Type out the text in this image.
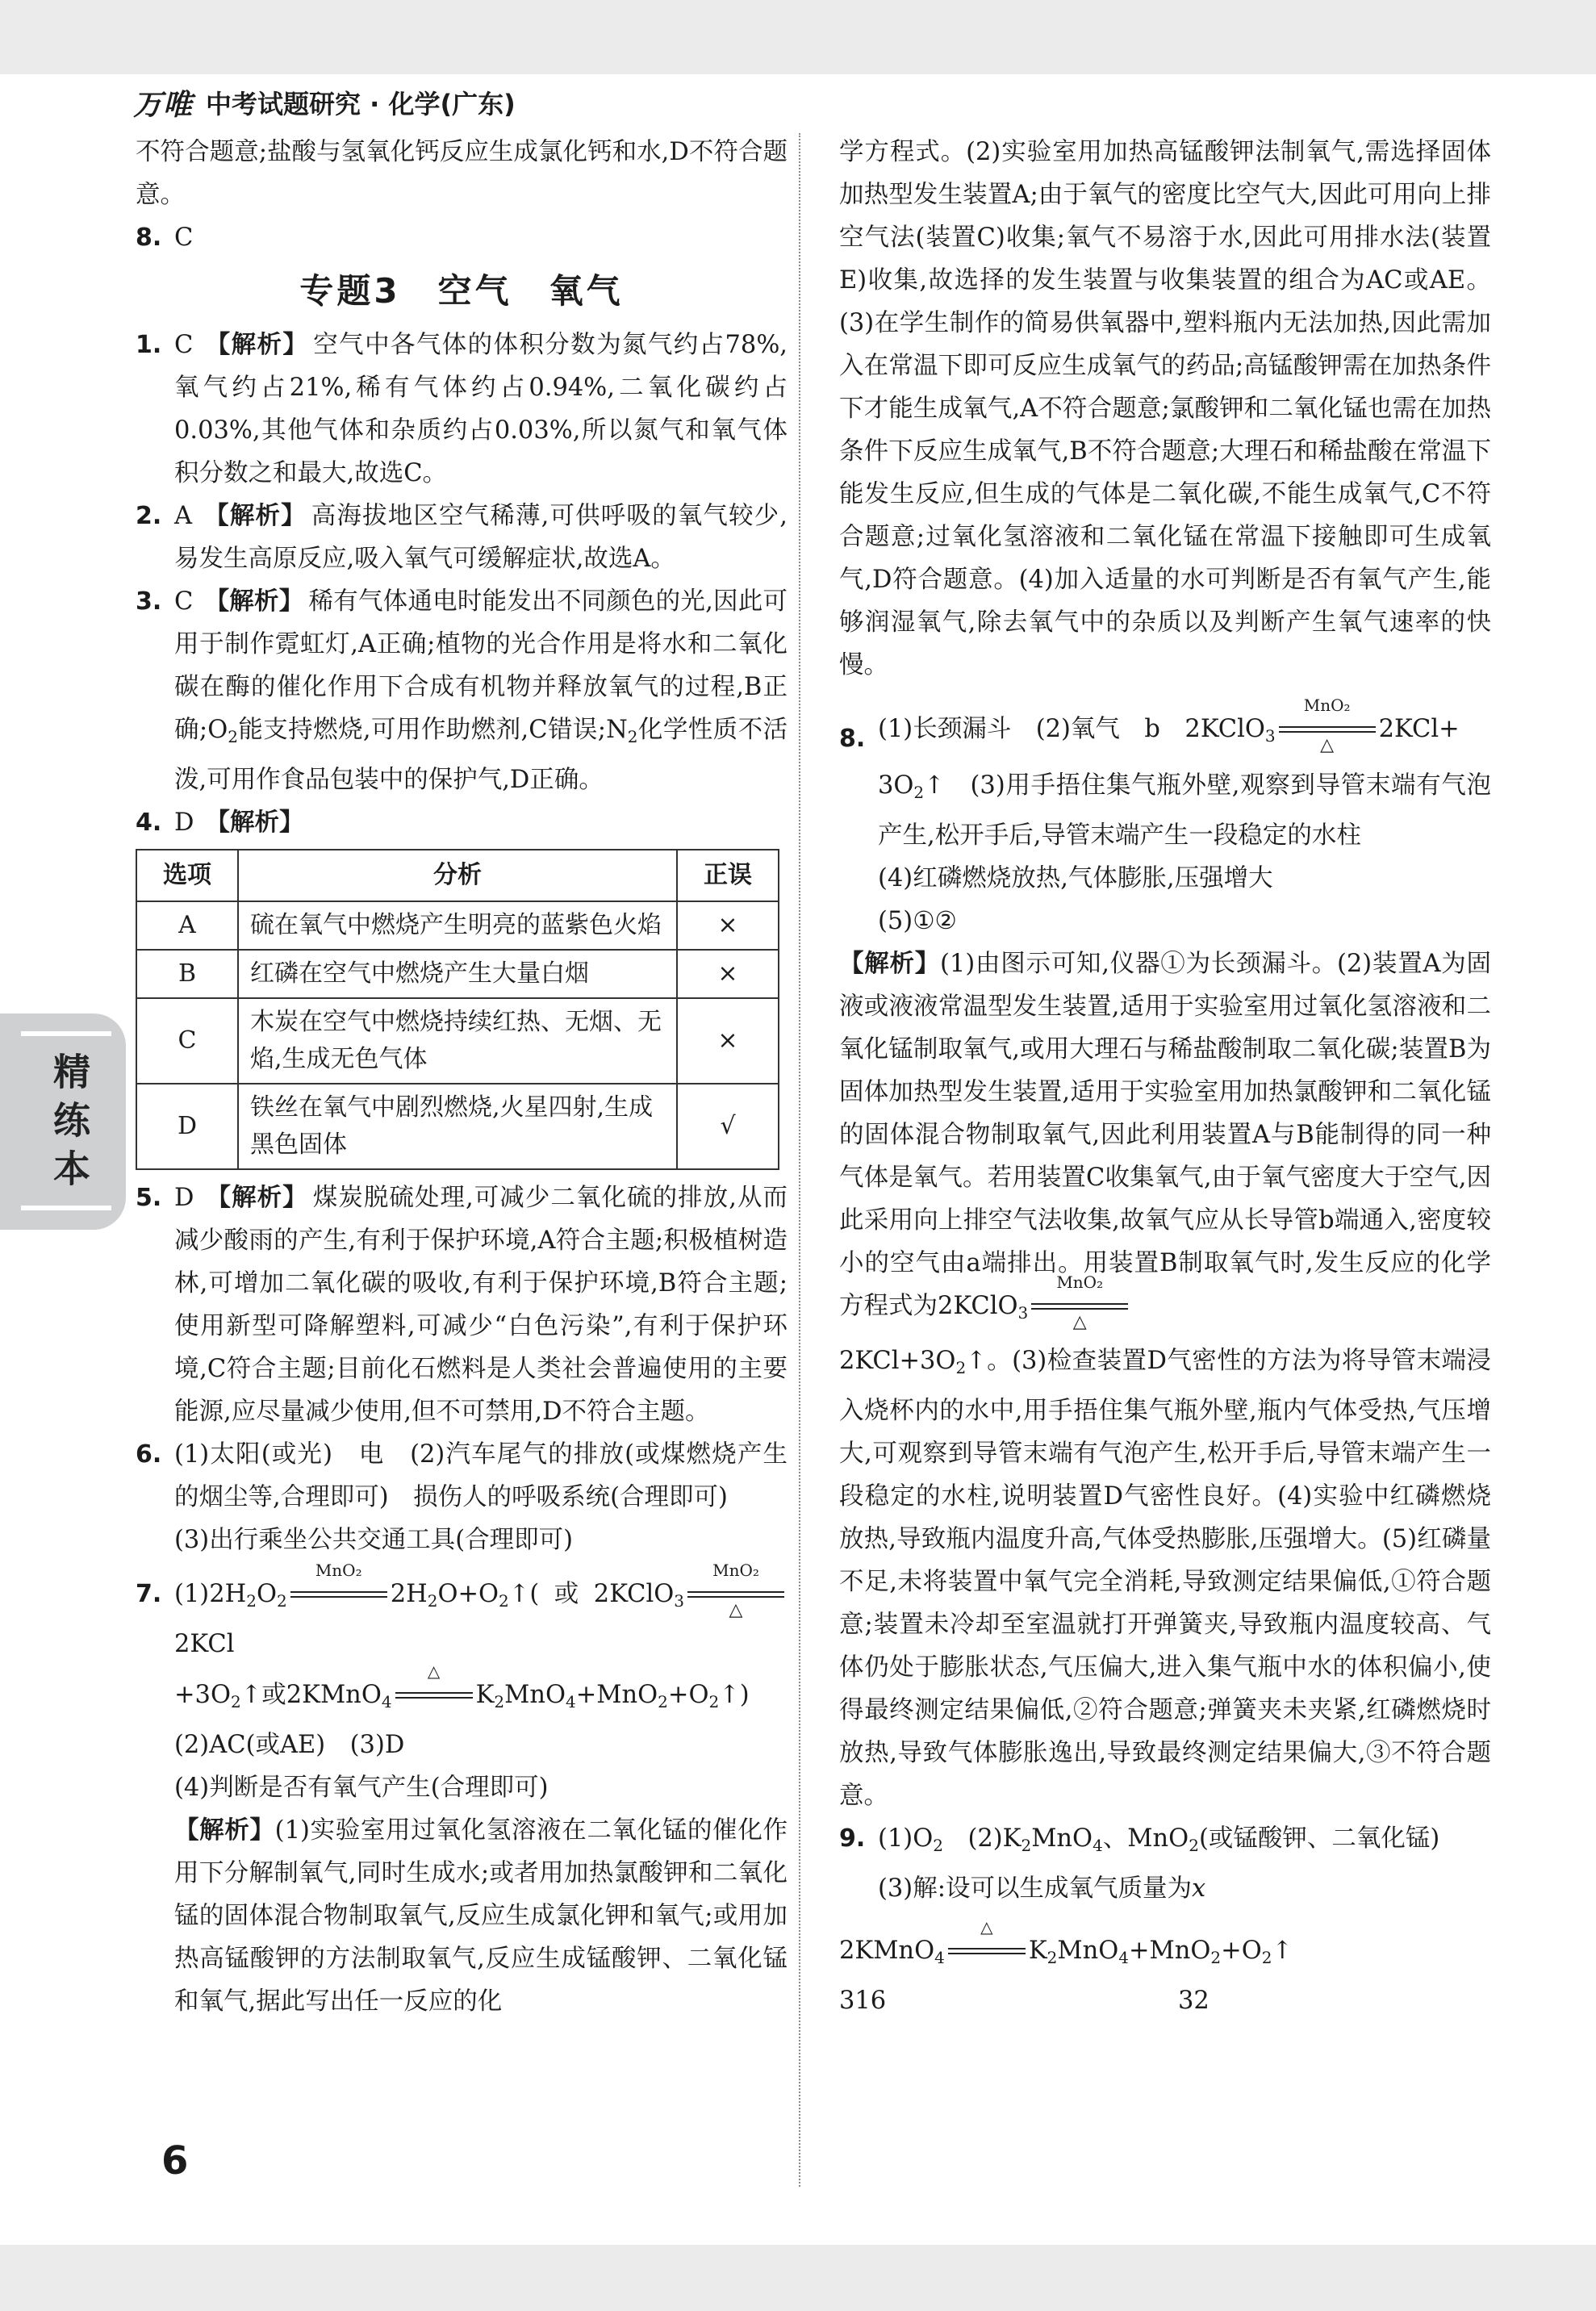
万唯 中考试题研究 · 化学(广东)
精练本

不符合题意;盐酸与氢氧化钙反应生成氯化钙和水,D不符合题意。

8. C

专题3　空气　氧气

1. C 【解析】 空气中各气体的体积分数为氮气约占78%,氧气约占21%,稀有气体约占0.94%,二氧化碳约占0.03%,其他气体和杂质约占0.03%,所以氮气和氧气体积分数之和最大,故选C。

2. A 【解析】 高海拔地区空气稀薄,可供呼吸的氧气较少,易发生高原反应,吸入氧气可缓解症状,故选A。

3. C 【解析】 稀有气体通电时能发出不同颜色的光,因此可用于制作霓虹灯,A正确;植物的光合作用是将水和二氧化碳在酶的催化作用下合成有机物并释放氧气的过程,B正确$;O_2$能支持燃烧,可用作助燃剂,C错误$;N_2$化学性质不活泼,可用作食品包装中的保护气,D正确。

4. D 【解析】

选项	分析	正误
A	硫在氧气中燃烧产生明亮的蓝紫色火焰	×
B	红磷在空气中燃烧产生大量白烟	×
C	木炭在空气中燃烧持续红热、无烟、无焰,生成无色气体	×
D	铁丝在氧气中剧烈燃烧,火星四射,生成黑色固体	√

5. D 【解析】 煤炭脱硫处理,可减少二氧化硫的排放,从而减少酸雨的产生,有利于保护环境,A符合主题;积极植树造林,可增加二氧化碳的吸收,有利于保护环境,B符合主题;使用新型可降解塑料,可减少“白色污染”,有利于保护环境,C符合主题;目前化石燃料是人类社会普遍使用的主要能源,应尽量减少使用,但不可禁用,D不符合主题。

6. (1)太阳(或光)　电　(2)汽车尾气的排放(或煤燃烧产生的烟尘等,合理即可)　损伤人的呼吸系统(合理即可)

(3)出行乘坐公共交通工具(合理即可)

7. $(1)2H_2O_2$
MnO₂
$2H_2O+O_2↑$(或2KClO$_3$
MnO₂
△
2KCl

$+3O_2↑$或2KMnO$_4$
△
$K_2MnO_4+MnO_2+O_2↑$)

(2)AC(或AE)　(3)D

(4)判断是否有氧气产生(合理即可)

【解析】(1)实验室用过氧化氢溶液在二氧化锰的催化作用下分解制氧气,同时生成水;或者用加热氯酸钾和二氧化锰的固体混合物制取氧气,反应生成氯化钾和氧气;或用加热高锰酸钾的方法制取氧气,反应生成锰酸钾、二氧化锰和氧气,据此写出任一反应的化

学方程式。(2)实验室用加热高锰酸钾法制氧气,需选择固体加热型发生装置A;由于氧气的密度比空气大,因此可用向上排空气法(装置C)收集;氧气不易溶于水,因此可用排水法(装置E)收集,故选择的发生装置与收集装置的组合为AC或AE。(3)在学生制作的简易供氧器中,塑料瓶内无法加热,因此需加入在常温下即可反应生成氧气的药品;高锰酸钾需在加热条件下才能生成氧气,A不符合题意;氯酸钾和二氧化锰也需在加热条件下反应生成氧气,B不符合题意;大理石和稀盐酸在常温下能发生反应,但生成的气体是二氧化碳,不能生成氧气,C不符合题意;过氧化氢溶液和二氧化锰在常温下接触即可生成氧气,D符合题意。(4)加入适量的水可判断是否有氧气产生,能够润湿氧气,除去氧气中的杂质以及判断产生氧气速率的快慢。

8. (1)长颈漏斗　(2)氧气　b　2KClO$_3$
MnO₂
△
2KCl+

$3O_2↑$　(3)用手捂住集气瓶外壁,观察到导管末端有气泡产生,松开手后,导管末端产生一段稳定的水柱

(4)红磷燃烧放热,气体膨胀,压强增大

(5)①②

【解析】(1)由图示可知,仪器①为长颈漏斗。(2)装置A为固液或液液常温型发生装置,适用于实验室用过氧化氢溶液和二氧化锰制取氧气,或用大理石与稀盐酸制取二氧化碳;装置B为固体加热型发生装置,适用于实验室用加热氯酸钾和二氧化锰的固体混合物制取氧气,因此利用装置A与B能制得的同一种气体是氧气。若用装置C收集氧气,由于氧气密度大于空气,因此采用向上排空气法收集,故氧气应从长导管b端通入,密度较小的空气由a端排出。用装置B制取氧气时,发生反应的化学方程式为2KClO$_3$
MnO₂
△

$2KCl+3O_2↑$。(3)检查装置D气密性的方法为将导管末端浸入烧杯内的水中,用手捂住集气瓶外壁,瓶内气体受热,气压增大,可观察到导管末端有气泡产生,松开手后,导管末端产生一段稳定的水柱,说明装置D气密性良好。(4)实验中红磷燃烧放热,导致瓶内温度升高,气体受热膨胀,压强增大。(5)红磷量不足,未将装置中氧气完全消耗,导致测定结果偏低,①符合题意;装置未冷却至室温就打开弹簧夹,导致瓶内温度较高、气体仍处于膨胀状态,气压偏大,进入集气瓶中水的体积偏小,使得最终测定结果偏低,②符合题意;弹簧夹未夹紧,红磷燃烧时放热,导致气体膨胀逸出,导致最终测定结果偏大,③不符合题意。

9. $(1)O_2$　$(2)K_2MnO_4$、MnO$_2$(或锰酸钾、二氧化锰)

(3)解:设可以生成氧气质量为x

2KMnO$_4$
△
$K_2MnO_4+MnO_2+O_2↑$

316	32

6
